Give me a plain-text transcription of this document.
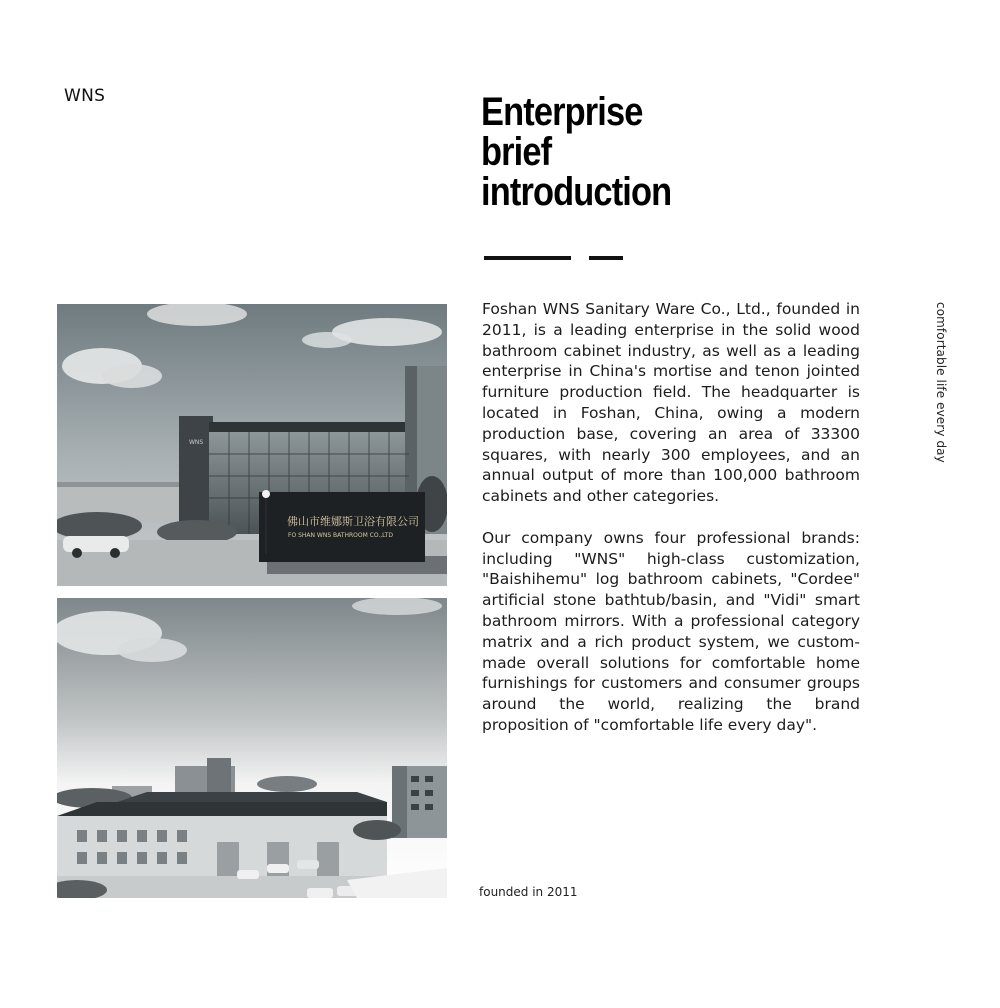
WNS	Enterprise
brief
introduction
WNS
佛山市维娜斯卫浴有限公司
FO SHAN WNS BATHROOM CO.,LTD

Foshan WNS Sanitary Ware Co., Ltd., founded in 2011, is a leading enterprise in the solid wood bathroom cabinet industry, as well as a leading enterprise in China's mortise and tenon jointed furniture production field. The headquarter is located in Foshan, China, owing a modern production base, covering an area of 33300 squares, with nearly 300 employees, and an annual output of more than 100,000 bathroom cabinets and other categories.

Our company owns four professional brands: including "WNS" high-class customization, "Baishihemu" log bathroom cabinets, "Cordee" artificial stone bathtub/basin, and "Vidi" smart bathroom mirrors. With a professional category matrix and a rich product system, we custom-made overall solutions for comfortable home furnishings for customers and consumer groups around the world, realizing the brand proposition of "comfortable life every day".

comfortable life every day
founded in 2011
